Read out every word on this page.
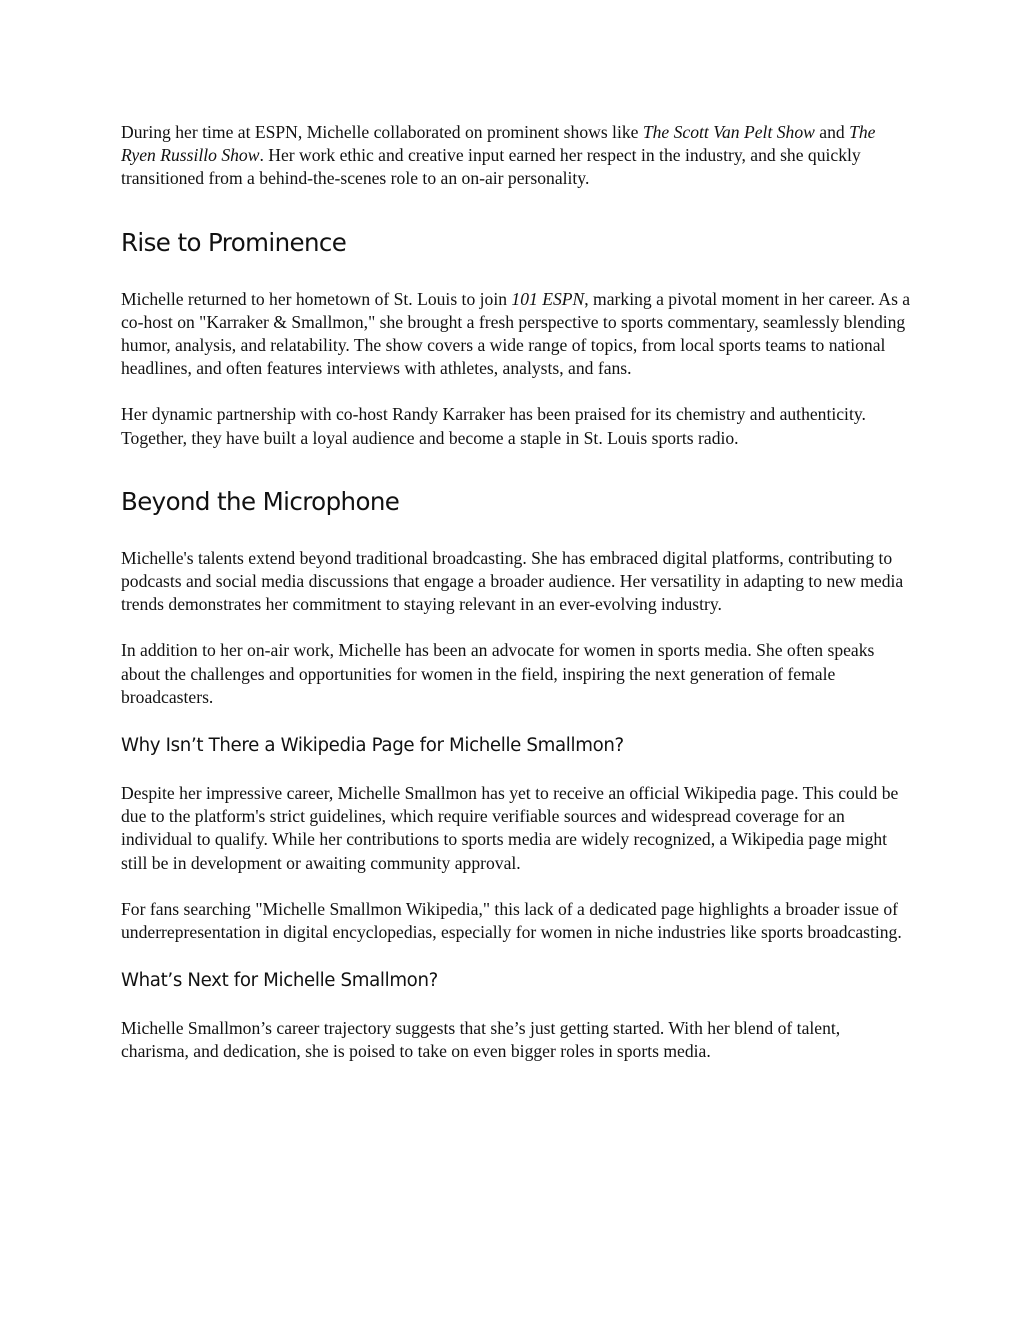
During her time at ESPN, Michelle collaborated on prominent shows like The Scott Van Pelt Show and The Ryen Russillo Show. Her work ethic and creative input earned her respect in the industry, and she quickly transitioned from a behind-the-scenes role to an on-air personality.

Rise to Prominence

Michelle returned to her hometown of St. Louis to join 101 ESPN, marking a pivotal moment in her career. As a co-host on "Karraker & Smallmon," she brought a fresh perspective to sports commentary, seamlessly blending humor, analysis, and relatability. The show covers a wide range of topics, from local sports teams to national headlines, and often features interviews with athletes, analysts, and fans.

Her dynamic partnership with co-host Randy Karraker has been praised for its chemistry and authenticity. Together, they have built a loyal audience and become a staple in St. Louis sports radio.

Beyond the Microphone

Michelle's talents extend beyond traditional broadcasting. She has embraced digital platforms, contributing to podcasts and social media discussions that engage a broader audience. Her versatility in adapting to new media trends demonstrates her commitment to staying relevant in an ever-evolving industry.

In addition to her on-air work, Michelle has been an advocate for women in sports media. She often speaks about the challenges and opportunities for women in the field, inspiring the next generation of female broadcasters.

Why Isn’t There a Wikipedia Page for Michelle Smallmon?

Despite her impressive career, Michelle Smallmon has yet to receive an official Wikipedia page. This could be due to the platform's strict guidelines, which require verifiable sources and widespread coverage for an individual to qualify. While her contributions to sports media are widely recognized, a Wikipedia page might still be in development or awaiting community approval.

For fans searching "Michelle Smallmon Wikipedia," this lack of a dedicated page highlights a broader issue of underrepresentation in digital encyclopedias, especially for women in niche industries like sports broadcasting.

What’s Next for Michelle Smallmon?

Michelle Smallmon’s career trajectory suggests that she’s just getting started. With her blend of talent, charisma, and dedication, she is poised to take on even bigger roles in sports media.
